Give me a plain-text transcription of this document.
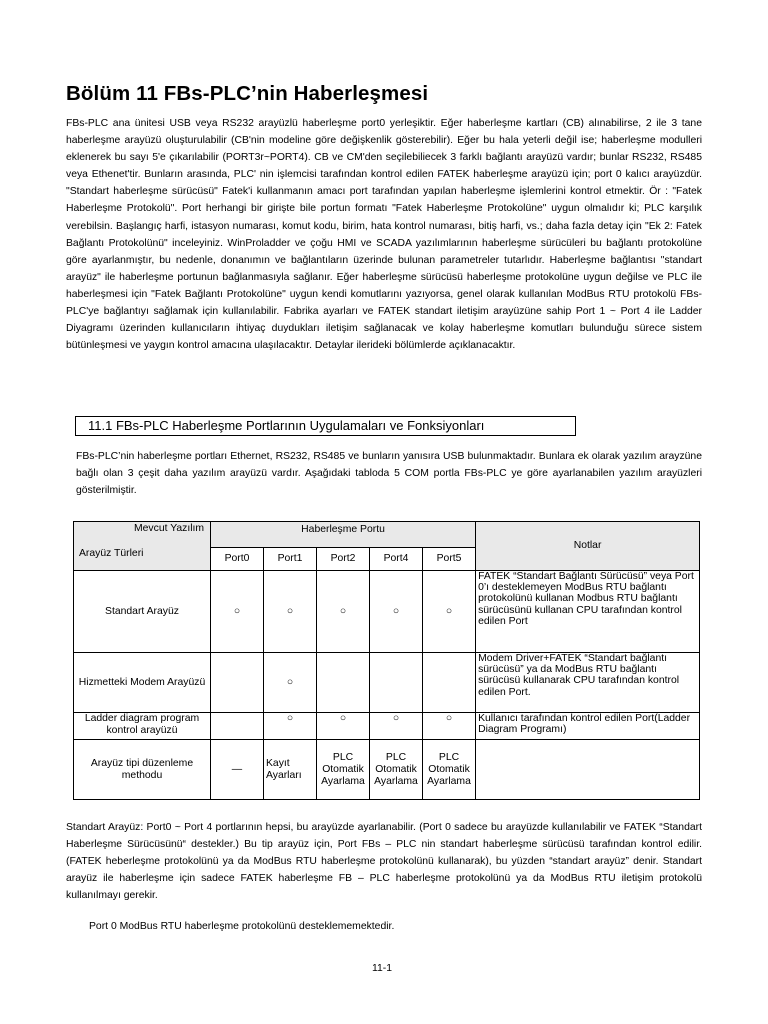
Bölüm 11 FBs-PLC’nin Haberleşmesi

FBs-PLC ana ünitesi USB veya RS232 arayüzlü haberleşme port0 yerleşiktir. Eğer haberleşme kartları (CB) alınabilirse, 2 ile 3 tane haberleşme arayüzü oluşturulabilir (CB'nin modeline göre değişkenlik gösterebilir). Eğer bu hala yeterli değil ise; haberleşme modulleri eklenerek bu sayı 5'e çıkarılabilir (PORT3r~PORT4). CB ve CM'den seçilebiliecek 3 farklı bağlantı arayüzü vardır; bunlar RS232, RS485 veya Ethenet'tir. Bunların arasında, PLC' nin işlemcisi tarafından kontrol edilen FATEK haberleşme arayüzü için; port 0 kalıcı arayüzdür. "Standart haberleşme sürücüsü" Fatek'i kullanmanın amacı port tarafından yapılan haberleşme işlemlerini kontrol etmektir. Ör : "Fatek Haberleşme Protokolü". Port herhangi bir girişte bile portun formatı "Fatek Haberleşme Protokolüne" uygun olmalıdır ki; PLC karşılık verebilsin. Başlangıç harfi, istasyon numarası, komut kodu, birim, hata kontrol numarası, bitiş harfi, vs.; daha fazla detay için "Ek 2: Fatek Bağlantı Protokolünü" inceleyiniz. WinProladder ve çoğu HMI ve SCADA yazılımlarının haberleşme sürücüleri bu bağlantı protokolüne göre ayarlanmıştır, bu nedenle, donanımın ve bağlantıların üzerinde bulunan parametreler tutarlıdır. Haberleşme bağlantısı "standart arayüz" ile haberleşme portunun bağlanmasıyla sağlanır. Eğer haberleşme sürücüsü haberleşme protokolüne uygun değilse ve PLC ile haberleşmesi için "Fatek Bağlantı Protokolüne" uygun kendi komutlarını yazıyorsa, genel olarak kullanılan ModBus RTU protokolü FBs-PLC'ye bağlantıyı sağlamak için kullanılabilir. Fabrika ayarları ve FATEK standart iletişim arayüzüne sahip Port 1 ~ Port 4 ile Ladder Diyagramı üzerinden kullanıcıların ihtiyaç duydukları iletişim sağlanacak ve kolay haberleşme komutları bulunduğu sürece sistem bütünleşmesi ve yaygın kontrol amacına ulaşılacaktır. Detaylar ilerideki bölümlerde açıklanacaktır.

11.1 FBs-PLC Haberleşme Portlarının Uygulamaları ve Fonksiyonları

FBs-PLC’nin haberleşme portları Ethernet, RS232, RS485 ve bunların yanısıra USB bulunmaktadır. Bunlara ek olarak yazılım arayzüne bağlı olan 3 çeşit daha yazılım arayüzü vardır. Aşağıdaki tabloda 5 COM portla FBs-PLC ye göre ayarlanabilen yazılım arayüzleri gösterilmiştir.

Mevcut Yazılım
Arayüz Türleri	Haberleşme Portu					Notlar
	Port0	Port1	Port2	Port4	Port5	
Standart Arayüz	○	○	○	○	○	FATEK “Standart Bağlantı Sürücüsü” veya Port 0’ı desteklemeyen ModBus RTU bağlantı protokolünü kullanan Modbus RTU bağlantı sürücüsünü kullanan CPU tarafından kontrol edilen Port
Hizmetteki Modem Arayüzü		○				Modem Driver+FATEK “Standart bağlantı sürücüsü” ya da ModBus RTU bağlantı sürücüsü kullanarak CPU tarafından kontrol edilen Port.
Ladder diagram program kontrol arayüzü		○	○	○	○	Kullanıcı tarafından kontrol edilen Port(Ladder Diagram Programı)
Arayüz tipi düzenleme methodu	—	Kayıt Ayarları	PLC Otomatik Ayarlama	PLC Otomatik Ayarlama	PLC Otomatik Ayarlama	

Standart Arayüz: Port0 ~ Port 4 portlarının hepsi, bu arayüzde ayarlanabilir. (Port 0 sadece bu arayüzde kullanılabilir ve FATEK “Standart Haberleşme Sürücüsünü“ destekler.) Bu tip arayüz için, Port FBs – PLC nin standart haberleşme sürücüsü tarafından kontrol edilir. (FATEK heberleşme protokolünü ya da ModBus RTU haberleşme protokolünü kullanarak), bu yüzden “standart arayüz” denir. Standart arayüz ile haberleşme için sadece FATEK haberleşme FB – PLC haberleşme protokolünü ya da ModBus RTU iletişim protokolü kullanılmayı gerekir.

Port 0 ModBus RTU haberleşme protokolünü desteklememektedir.

11-1
